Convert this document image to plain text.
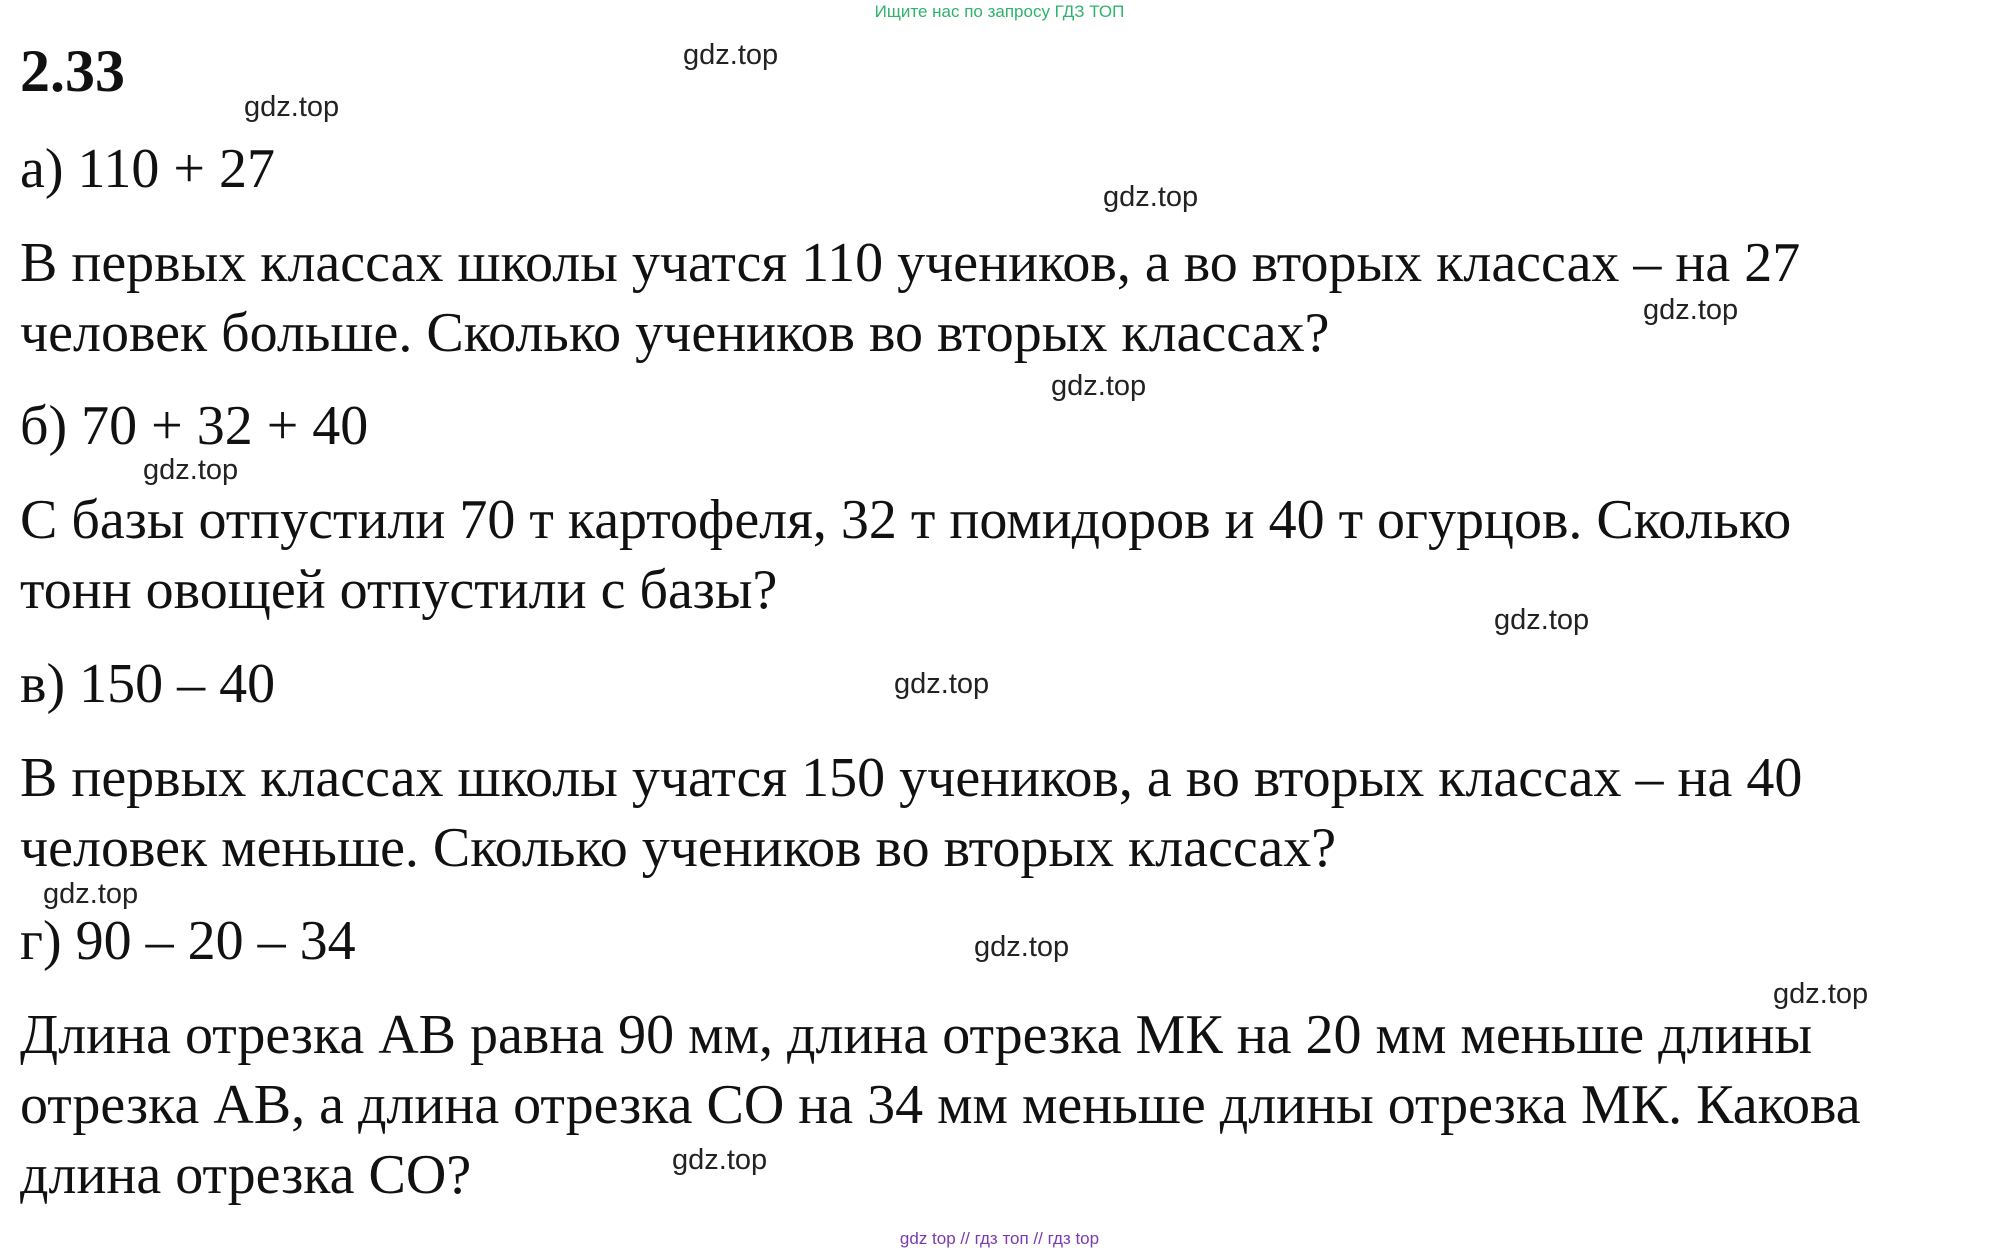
Ищите нас по запросу ГДЗ ТОП
2.33
а) 110 + 27
В первых классах школы учатся 110 учеников, а во вторых классах – на 27
человек больше. Сколько учеников во вторых классах?
б) 70 + 32 + 40
С базы отпустили 70 т картофеля, 32 т помидоров и 40 т огурцов. Сколько
тонн овощей отпустили с базы?
в) 150 – 40
В первых классах школы учатся 150 учеников, а во вторых классах – на 40
человек меньше. Сколько учеников во вторых классах?
г) 90 – 20 – 34
Длина отрезка АВ равна 90 мм, длина отрезка МК на 20 мм меньше длины
отрезка АВ, а длина отрезка СО на 34 мм меньше длины отрезка МК. Какова
длина отрезка СО?
gdz.top
gdz.top
gdz.top
gdz.top
gdz.top
gdz.top
gdz.top
gdz.top
gdz.top
gdz.top
gdz.top
gdz.top
gdz top // гдз топ // гдз top
